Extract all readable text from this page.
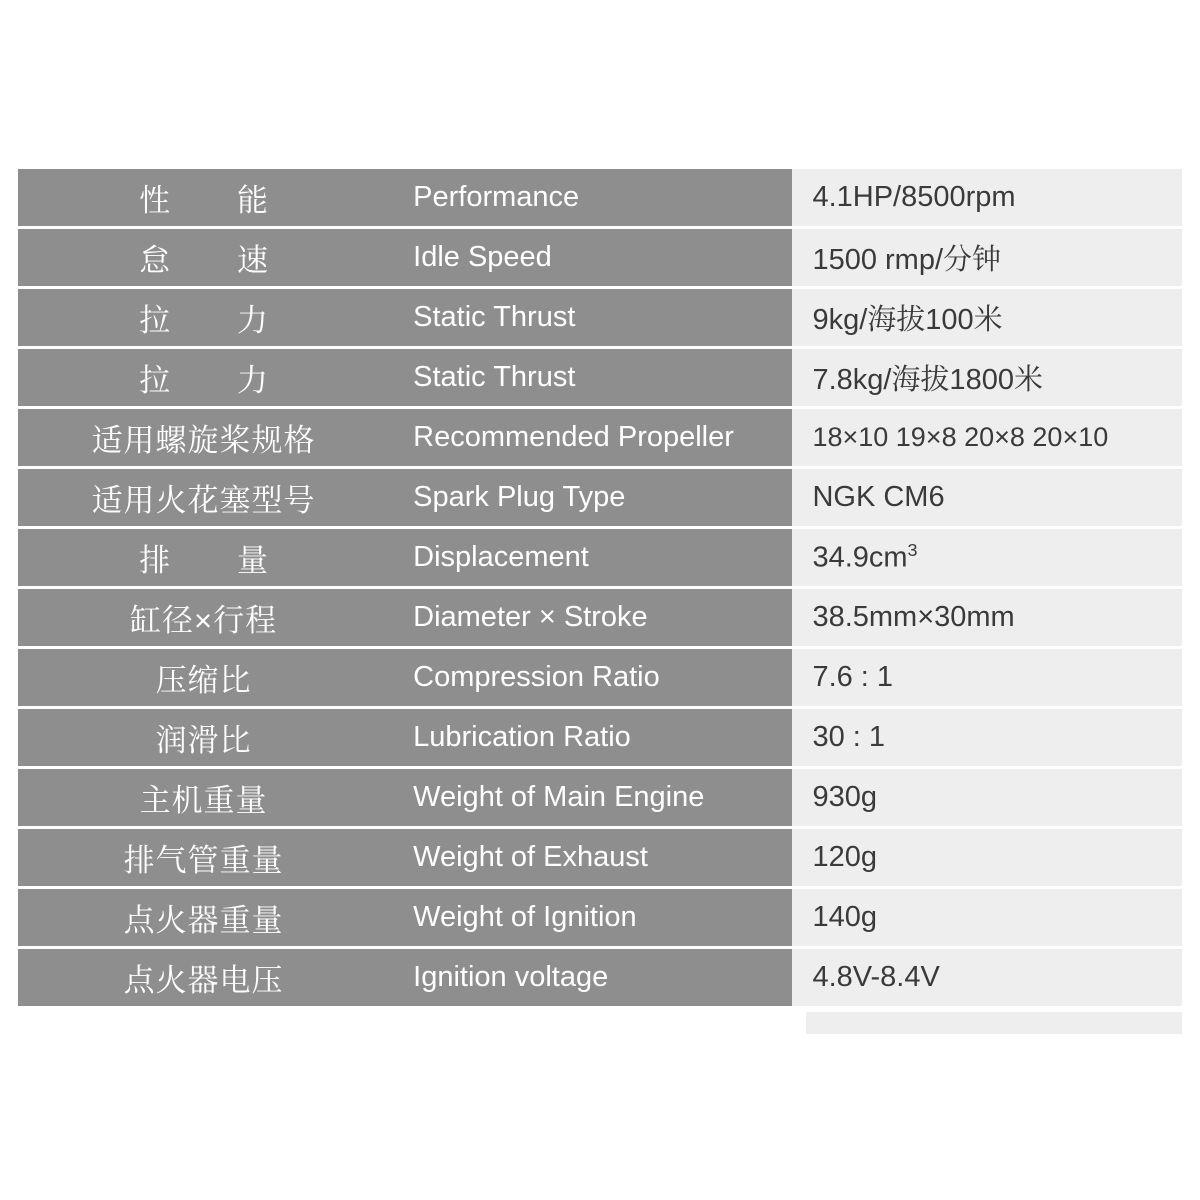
性　能	Performance	4.1HP/8500rpm
怠　速	Idle Speed	1500 rmp/分钟
拉　力	Static Thrust	9kg/海拔100米
拉　力	Static Thrust	7.8kg/海拔1800米
适用螺旋桨规格	Recommended Propeller	18×10 19×8 20×8 20×10
适用火花塞型号	Spark Plug Type	NGK CM6
排　量	Displacement	$34.9cm^3$
缸径×行程	Diameter × Stroke	38.5mm×30mm
压缩比	Compression Ratio	7.6 : 1
润滑比	Lubrication Ratio	30 : 1
主机重量	Weight of Main Engine	930g
排气管重量	Weight of Exhaust	120g
点火器重量	Weight of Ignition	140g
点火器电压	Ignition voltage	4.8V-8.4V
